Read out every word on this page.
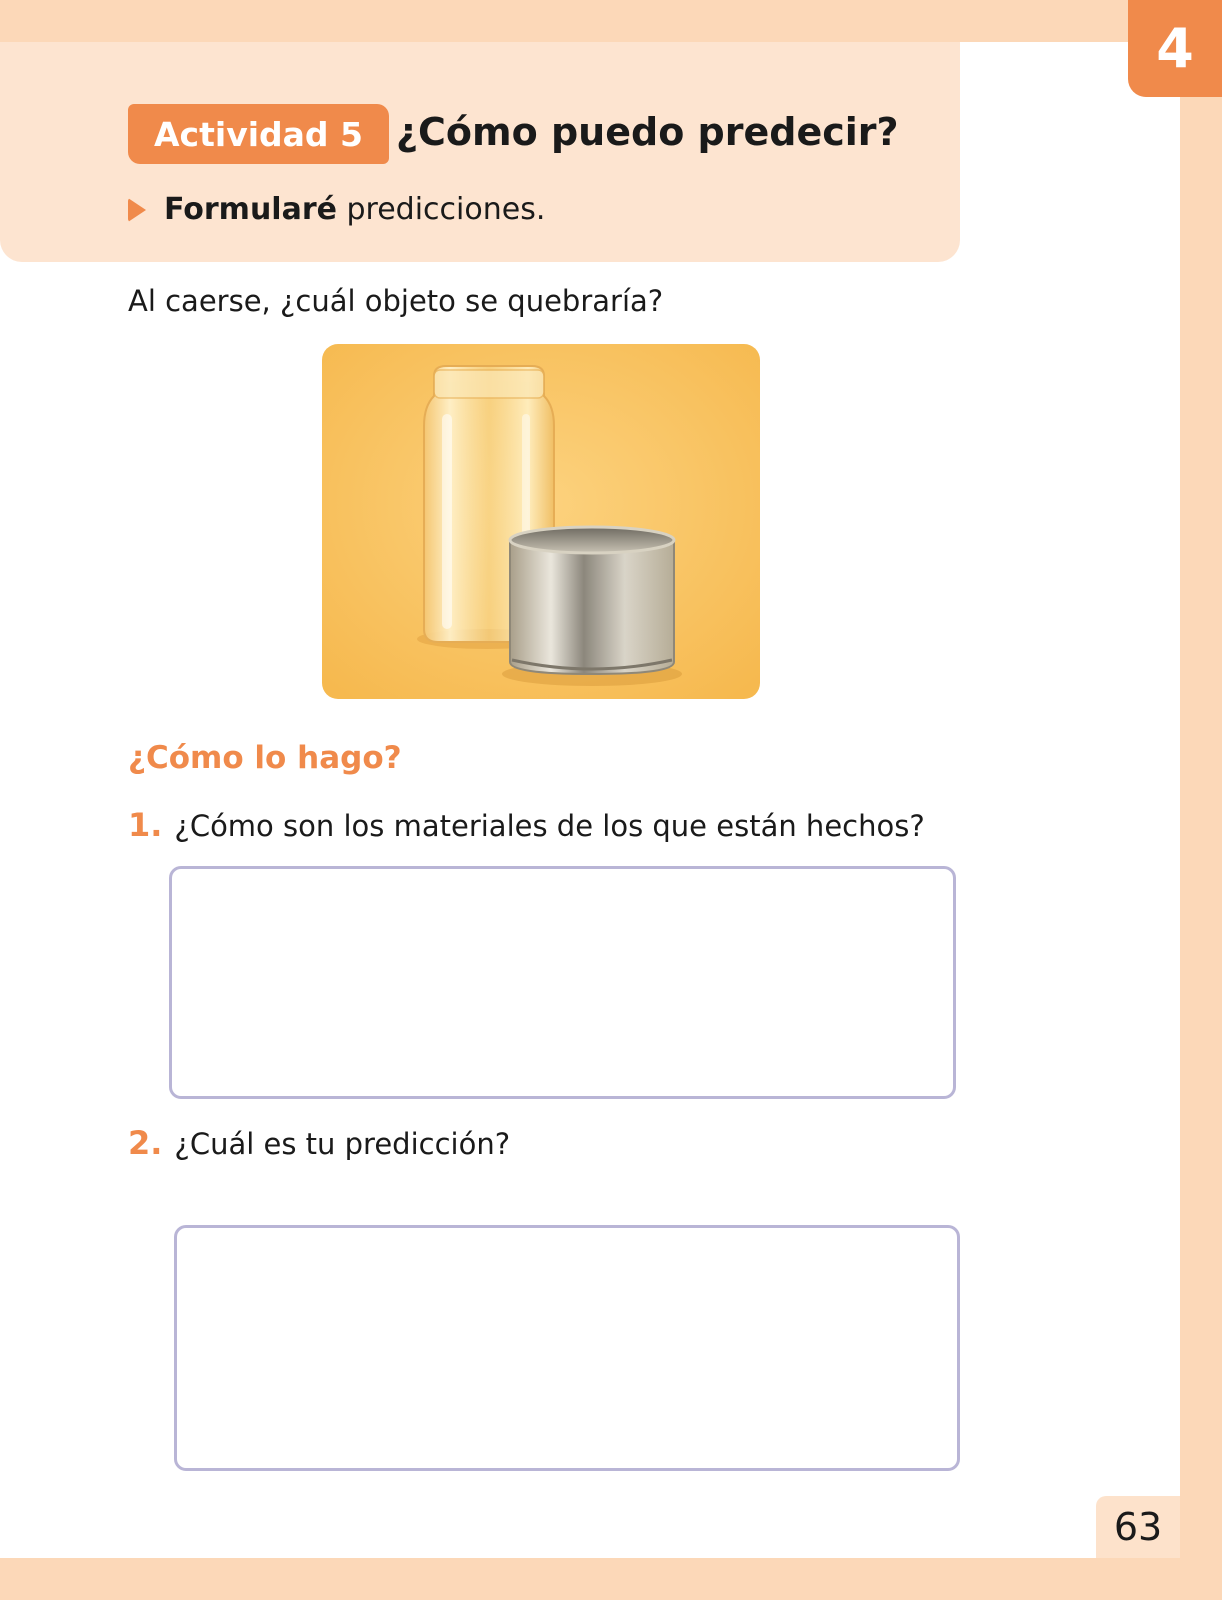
4
63
Actividad 5 ¿Cómo puedo predecir?
Formularé predicciones.
Al caerse, ¿cuál objeto se quebraría?
¿Cómo lo hago?
1. ¿Cómo son los materiales de los que están hechos?
2. ¿Cuál es tu predicción?
